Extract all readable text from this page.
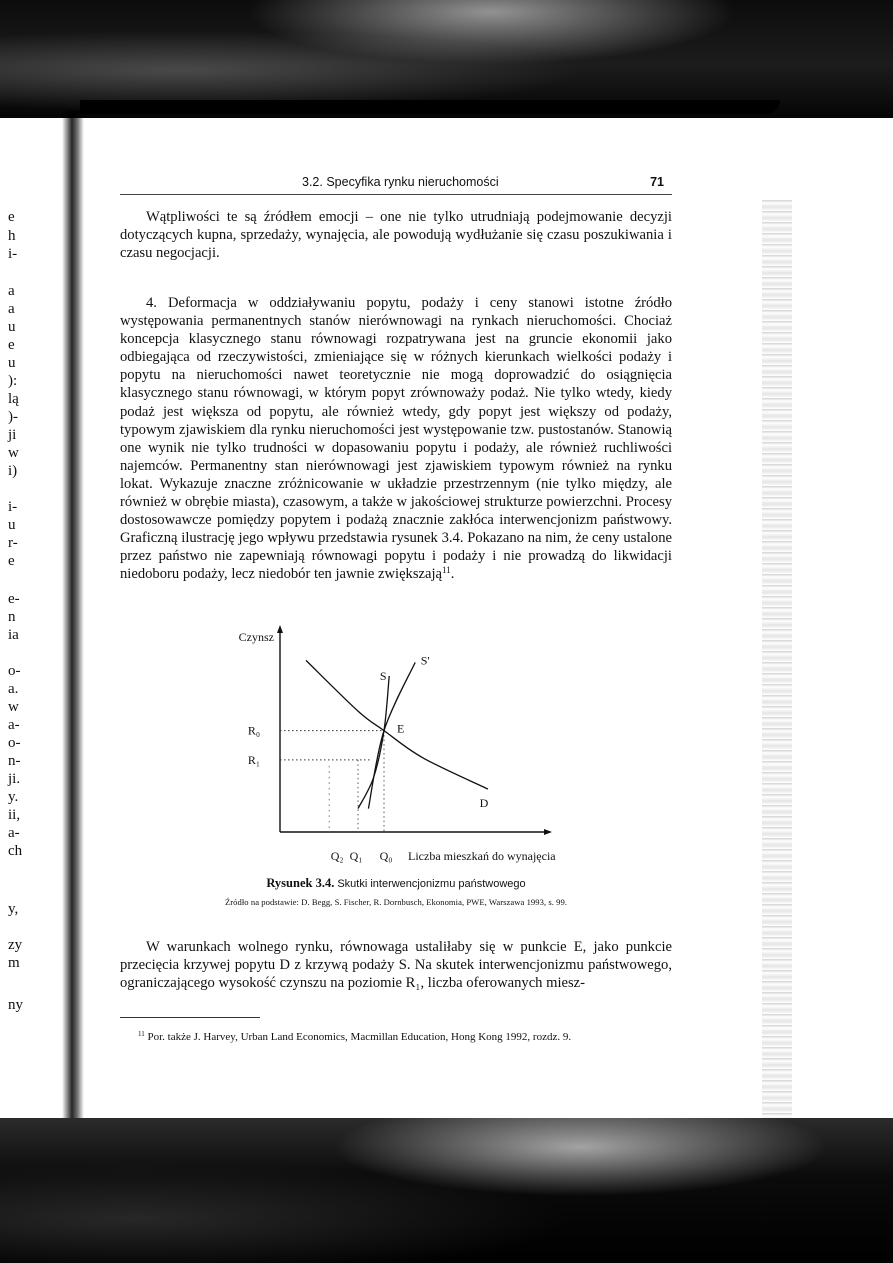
e
h
i-
a
a
u
e
u
):
lą
)-
ji
w
i)
i-
u
r-
e
e-
n
ia
o-
a.
w
a-
o-
n-
ji.
y.
ii,
a-
ch
y,
zy
m
ny
3.2. Specyfika rynku nieruchomości	71

Wątpliwości te są źródłem emocji – one nie tylko utrudniają podejmowanie decyzji dotyczących kupna, sprzedaży, wynajęcia, ale powodują wydłużanie się czasu poszukiwania i czasu negocjacji.

4. Deformacja w oddziaływaniu popytu, podaży i ceny stanowi istotne źródło występowania permanentnych stanów nierównowagi na rynkach nieruchomości. Chociaż koncepcja klasycznego stanu równowagi rozpatrywana jest na gruncie ekonomii jako odbiegająca od rzeczywistości, zmieniające się w różnych kierunkach wielkości podaży i popytu na nieruchomości nawet teoretycznie nie mogą doprowadzić do osiągnięcia klasycznego stanu równowagi, w którym popyt zrównoważy podaż. Nie tylko wtedy, kiedy podaż jest większa od popytu, ale również wtedy, gdy popyt jest większy od podaży, typowym zjawiskiem dla rynku nieruchomości jest występowanie tzw. pustostanów. Stanowią one wynik nie tylko trudności w dopasowaniu popytu i podaży, ale również ruchliwości najemców. Permanentny stan nierównowagi jest zjawiskiem typowym również na rynku lokat. Wykazuje znaczne zróżnicowanie w układzie przestrzennym (nie tylko między, ale również w obrębie miasta), czasowym, a także w jakościowej strukturze powierzchni. Procesy dostosowawcze pomiędzy popytem i podażą znacznie zakłóca interwencjonizm państwowy. Graficzną ilustrację jego wpływu przedstawia rysunek 3.4. Pokazano na nim, że ceny ustalone przez państwo nie zapewniają równowagi popytu i podaży i nie prowadzą do likwidacji niedoboru podaży, lecz niedobór ten jawnie zwiększają$^{11}$.

Czynsz
R₀
R₁
Q₂ Q₁ Q₀ Liczba mieszkań do wynajęcia
D
S
S'
E
Rysunek 3.4. Skutki interwencjonizmu państwowego
Źródło na podstawie: D. Begg, S. Fischer, R. Dornbusch, Ekonomia, PWE, Warszawa 1993, s. 99.

W warunkach wolnego rynku, równowaga ustaliłaby się w punkcie E, jako punkcie przecięcia krzywej popytu D z krzywą podaży S. Na skutek interwencjonizmu państwowego, ograniczającego wysokość czynszu na poziomie R₁, liczba oferowanych miesz-

$^{11}$ Por. także J. Harvey, Urban Land Economics, Macmillan Education, Hong Kong 1992, rozdz. 9.
